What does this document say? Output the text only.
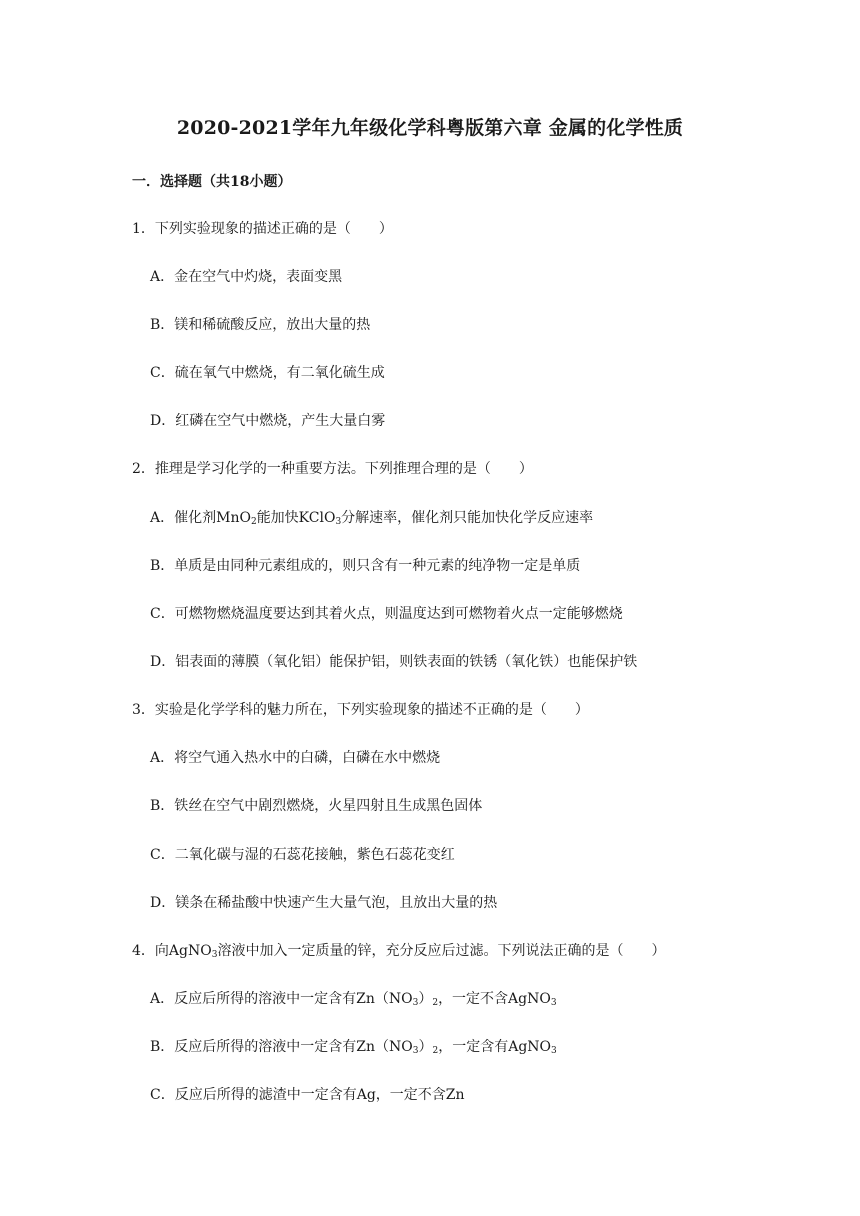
2020-2021学年九年级化学科粤版第六章 金属的化学性质
一．选择题（共18小题）
1．下列实验现象的描述正确的是（　　）
A．金在空气中灼烧，表面变黑
B．镁和稀硫酸反应，放出大量的热
C．硫在氧气中燃烧，有二氧化硫生成
D．红磷在空气中燃烧，产生大量白雾
2．推理是学习化学的一种重要方法。下列推理合理的是（　　）
A．催化剂MnO$_2$能加快KClO$_3$分解速率，催化剂只能加快化学反应速率
B．单质是由同种元素组成的，则只含有一种元素的纯净物一定是单质
C．可燃物燃烧温度要达到其着火点，则温度达到可燃物着火点一定能够燃烧
D．铝表面的薄膜（氧化铝）能保护铝，则铁表面的铁锈（氧化铁）也能保护铁
3．实验是化学学科的魅力所在，下列实验现象的描述不正确的是（　　）
A．将空气通入热水中的白磷，白磷在水中燃烧
B．铁丝在空气中剧烈燃烧，火星四射且生成黑色固体
C．二氧化碳与湿的石蕊花接触，紫色石蕊花变红
D．镁条在稀盐酸中快速产生大量气泡，且放出大量的热
4．向AgNO$_3$溶液中加入一定质量的锌，充分反应后过滤。下列说法正确的是（　　）
A．反应后所得的溶液中一定含有$Zn(NO_3)_2$，一定不含AgNO$_3$
B．反应后所得的溶液中一定含有$Zn(NO_3)_2$，一定含有AgNO$_3$
C．反应后所得的滤渣中一定含有Ag，一定不含Zn
